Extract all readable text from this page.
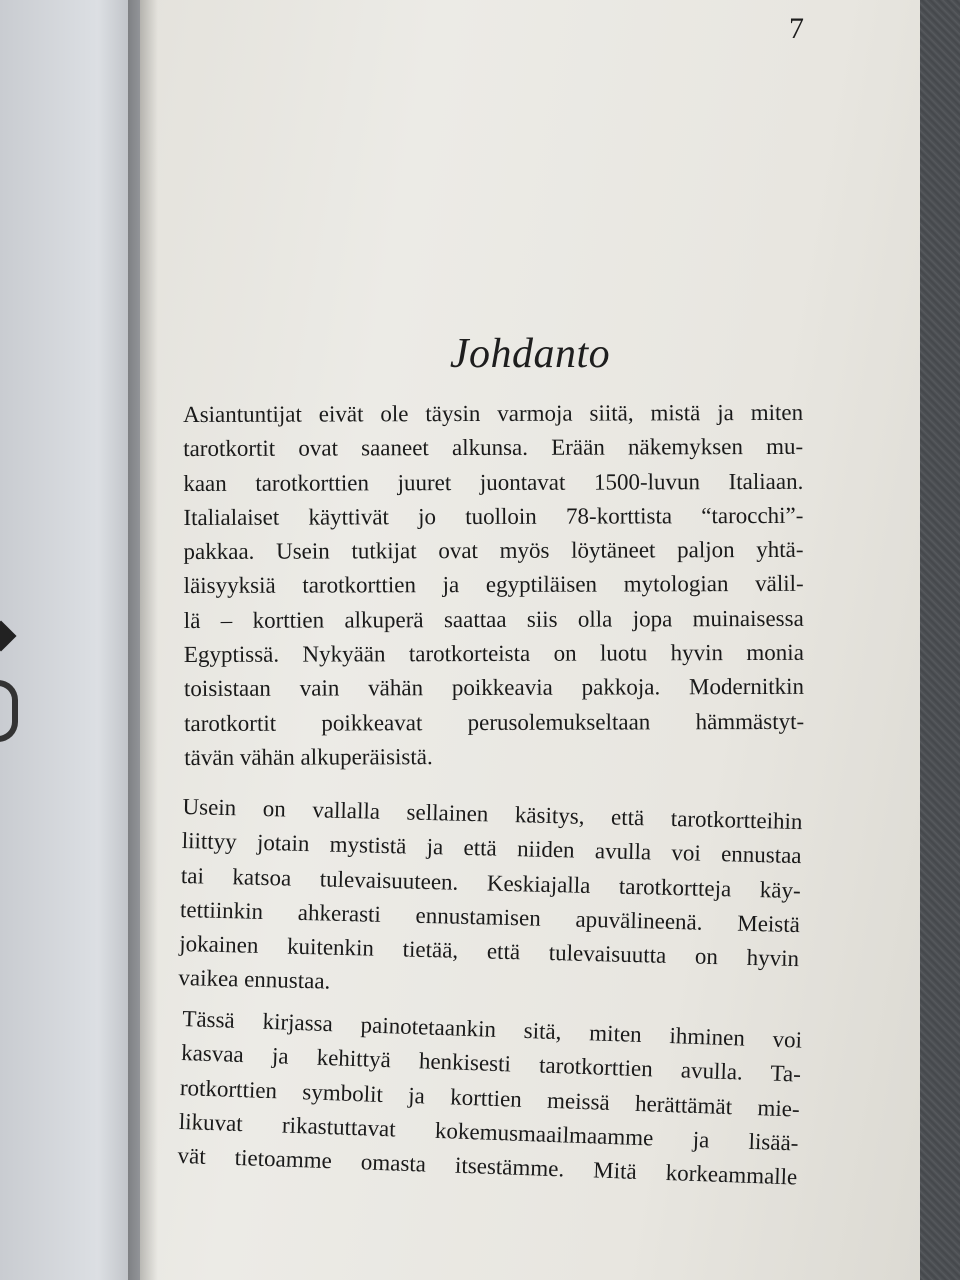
7
Johdanto
Asiantuntijat eivät ole täysin varmoja siitä, mistä ja miten
tarotkortit ovat saaneet alkunsa. Erään näkemyksen mu-
kaan tarotkorttien juuret juontavat 1500-luvun Italiaan.
Italialaiset käyttivät jo tuolloin 78-korttista “tarocchi”-
pakkaa. Usein tutkijat ovat myös löytäneet paljon yhtä-
läisyyksiä tarotkorttien ja egyptiläisen mytologian välil-
lä – korttien alkuperä saattaa siis olla jopa muinaisessa
Egyptissä. Nykyään tarotkorteista on luotu hyvin monia
toisistaan vain vähän poikkeavia pakkoja. Modernitkin
tarotkortit poikkeavat perusolemukseltaan hämmästyt-
tävän vähän alkuperäisistä.
Usein on vallalla sellainen käsitys, että tarotkortteihin
liittyy jotain mystistä ja että niiden avulla voi ennustaa
tai katsoa tulevaisuuteen. Keskiajalla tarotkortteja käy-
tettiinkin ahkerasti ennustamisen apuvälineenä. Meistä
jokainen kuitenkin tietää, että tulevaisuutta on hyvin
vaikea ennustaa.
Tässä kirjassa painotetaankin sitä, miten ihminen voi
kasvaa ja kehittyä henkisesti tarotkorttien avulla. Ta-
rotkorttien symbolit ja korttien meissä herättämät mie-
likuvat rikastuttavat kokemusmaailmaamme ja lisää-
vät tietoamme omasta itsestämme. Mitä korkeammalle
